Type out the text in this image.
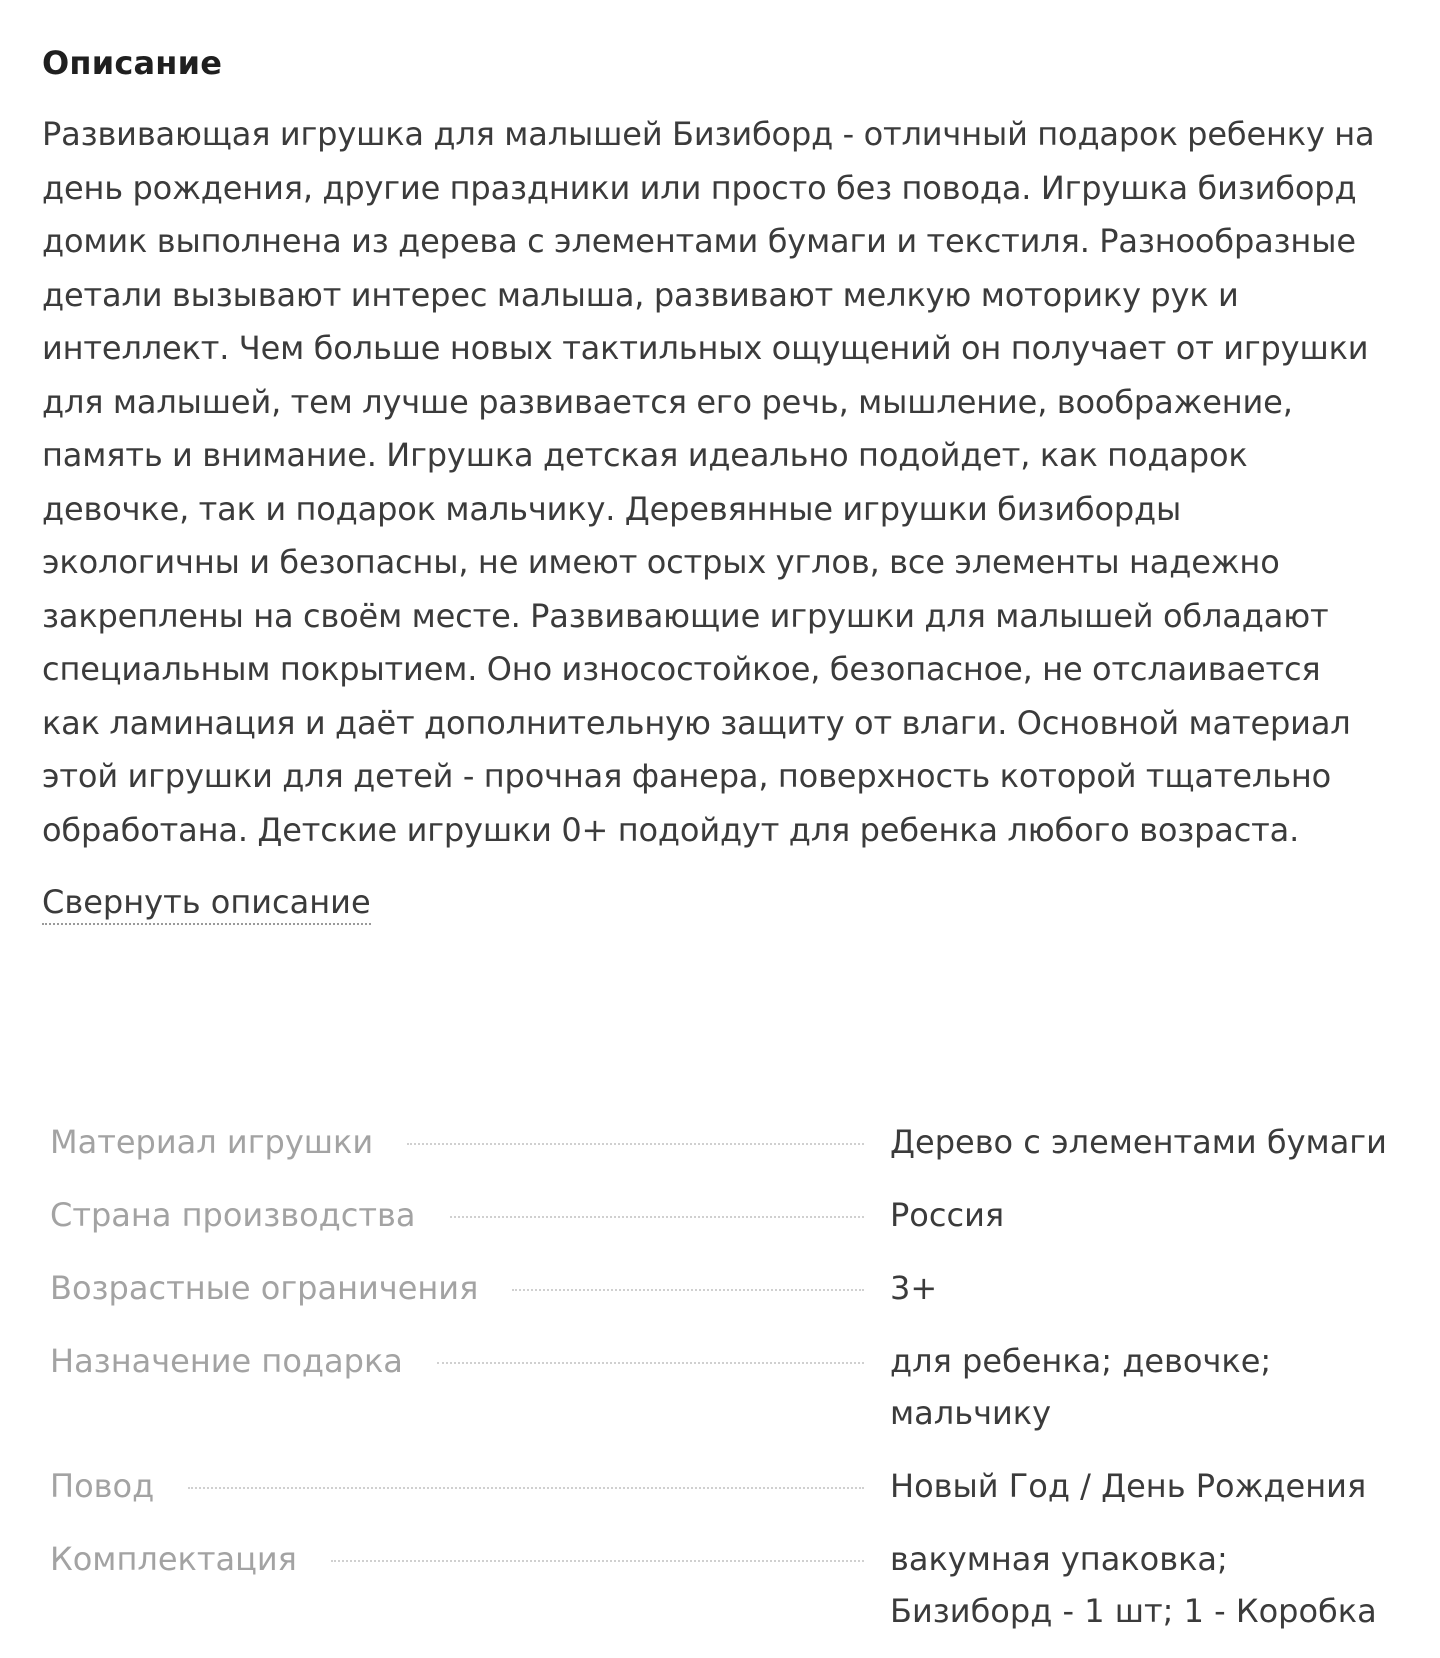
Описание

Развивающая игрушка для малышей Бизиборд - отличный подарок ребенку на день рождения, другие праздники или просто без повода. Игрушка бизиборд домик выполнена из дерева с элементами бумаги и текстиля. Разнообразные детали вызывают интерес малыша, развивают мелкую моторику рук и интеллект. Чем больше новых тактильных ощущений он получает от игрушки для малышей, тем лучше развивается его речь, мышление, воображение, память и внимание. Игрушка детская идеально подойдет, как подарок девочке, так и подарок мальчику. Деревянные игрушки бизиборды экологичны и безопасны, не имеют острых углов, все элементы надежно закреплены на своём месте. Развивающие игрушки для малышей обладают специальным покрытием. Оно износостойкое, безопасное, не отслаивается как ламинация и даёт дополнительную защиту от влаги. Основной материал этой игрушки для детей - прочная фанера, поверхность которой тщательно обработана. Детские игрушки 0+ подойдут для ребенка любого возраста.

Свернуть описание
Материал игрушки	Дерево с элементами бумаги
Страна производства	Россия
Возрастные ограничения	3+
Назначение подарка	для ребенка; девочке; мальчику
Повод	Новый Год / День Рождения
Комплектация	вакумная упаковка; Бизиборд - 1 шт; 1 - Коробка
